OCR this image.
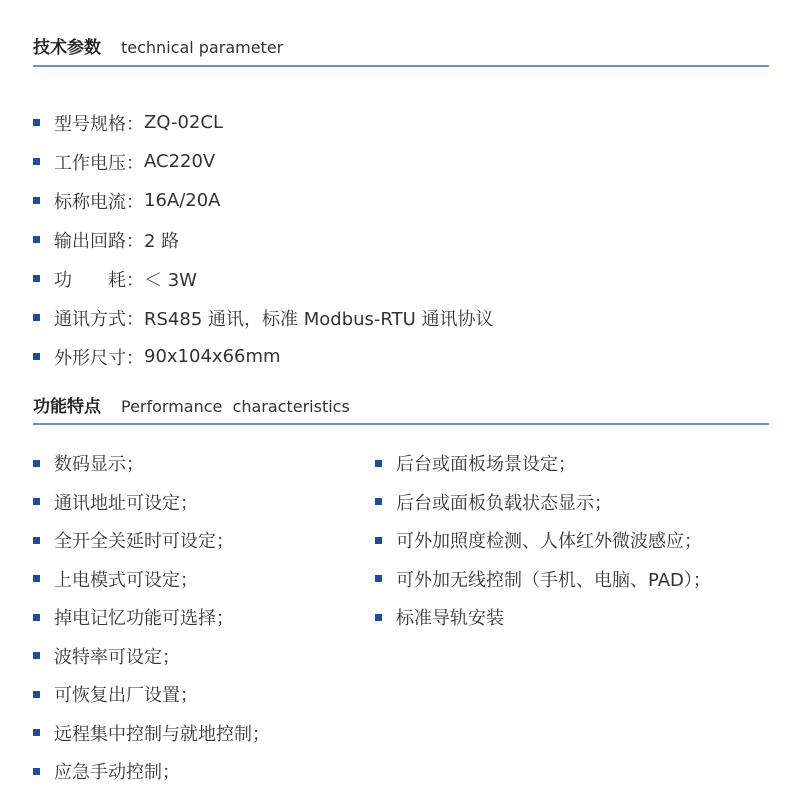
技术参数 technical parameter
型号规格 ： ZQ-02CL
工作电压 ： AC220V
标称电流 ： 16A/20A
输出回路 ： 2 路
功 耗 ： ＜ 3W
通讯方式 ： RS485 通讯，标准 Modbus-RTU 通讯协议
外形尺寸 ： 90x104x66mm
功能特点 Performance  characteristics
数码显示；
通讯地址可设定；
全开全关延时可设定；
上电模式可设定；
掉电记忆功能可选择；
波特率可设定；
可恢复出厂设置；
远程集中控制与就地控制；
应急手动控制；
后台或面板场景设定；
后台或面板负载状态显示；
可外加照度检测、人体红外微波感应；
可外加无线控制（手机、电脑、PAD）；
标准导轨安装
